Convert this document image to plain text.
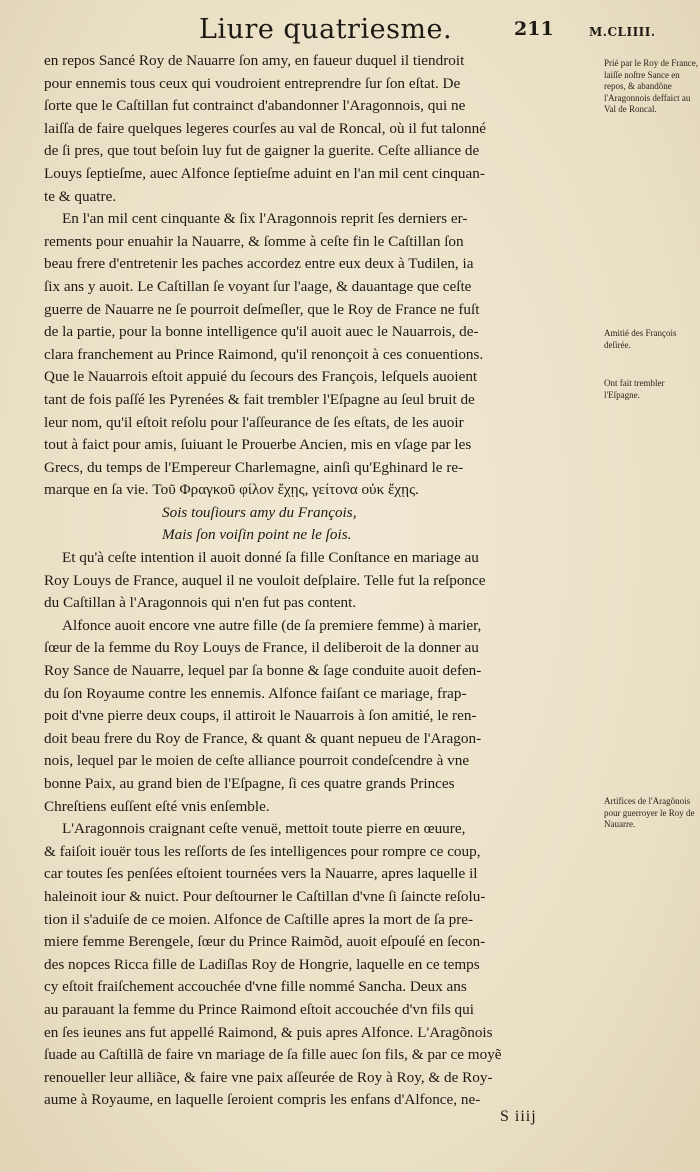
Liure quatriesme.	211	M.CLIIII.
en repos Sancé Roy de Nauarre ſon amy, en faueur duquel il tiendroit
pour ennemis tous ceux qui voudroient entreprendre ſur ſon eſtat. De
ſorte que le Caſtillan fut contrainct d'abandonner l'Aragonnois, qui ne
laiſſa de faire quelques legeres courſes au val de Roncal, où il fut talonné
de ſi pres, que tout beſoin luy fut de gaigner la guerite. Ceſte alliance de
Louys ſeptieſme, auec Alfonce ſeptieſme aduint en l'an mil cent cinquan-
te & quatre.
En l'an mil cent cinquante & ſix l'Aragonnois reprit ſes derniers er-
rements pour enuahir la Nauarre, & ſomme à ceſte fin le Caſtillan ſon
beau frere d'entretenir les paches accordez entre eux deux à Tudilen, ia
ſix ans y auoit. Le Caſtillan ſe voyant ſur l'aage, & dauantage que ceſte
guerre de Nauarre ne ſe pourroit deſmeſler, que le Roy de France ne fuſt
de la partie, pour la bonne intelligence qu'il auoit auec le Nauarrois, de-
clara franchement au Prince Raimond, qu'il renonçoit à ces conuentions.
Que le Nauarrois eſtoit appuié du ſecours des François, leſquels auoient
tant de fois paſſé les Pyrenées & fait trembler l'Eſpagne au ſeul bruit de
leur nom, qu'il eſtoit reſolu pour l'aſſeurance de ſes eſtats, de les auoir
tout à faict pour amis, ſuiuant le Prouerbe Ancien, mis en vſage par les
Grecs, du temps de l'Empereur Charlemagne, ainſi qu'Eghinard le re-
marque en ſa vie. Τοῦ Φραγκοῦ φίλον ἔχῃς, γείτονα οὐκ ἔχῃς.
Sois touſiours amy du François,
Mais ſon voiſin point ne le ſois.
Et qu'à ceſte intention il auoit donné ſa fille Conſtance en mariage au
Roy Louys de France, auquel il ne vouloit deſplaire. Telle fut la reſponce
du Caſtillan à l'Aragonnois qui n'en fut pas content.
Alfonce auoit encore vne autre fille (de ſa premiere femme) à marier,
ſœur de la femme du Roy Louys de France, il deliberoit de la donner au
Roy Sance de Nauarre, lequel par ſa bonne & ſage conduite auoit defen-
du ſon Royaume contre les ennemis. Alfonce faiſant ce mariage, frap-
poit d'vne pierre deux coups, il attiroit le Nauarrois à ſon amitié, le ren-
doit beau frere du Roy de France, & quant & quant nepueu de l'Aragon-
nois, lequel par le moien de ceſte alliance pourroit condeſcendre à vne
bonne Paix, au grand bien de l'Eſpagne, ſi ces quatre grands Princes
Chreſtiens euſſent eſté vnis enſemble.
L'Aragonnois craignant ceſte venuë, mettoit toute pierre en œuure,
& faiſoit iouër tous les reſſorts de ſes intelligences pour rompre ce coup,
car toutes ſes penſées eſtoient tournées vers la Nauarre, apres laquelle il
haleinoit iour & nuict. Pour deſtourner le Caſtillan d'vne ſi ſaincte reſolu-
tion il s'aduiſe de ce moien. Alfonce de Caſtille apres la mort de ſa pre-
miere femme Berengele, ſœur du Prince Raimõd, auoit eſpouſé en ſecon-
des nopces Ricca fille de Ladiſlas Roy de Hongrie, laquelle en ce temps
cy eſtoit fraiſchement accouchée d'vne fille nommé Sancha. Deux ans
au parauant la femme du Prince Raimond eſtoit accouchée d'vn fils qui
en ſes ieunes ans fut appellé Raimond, & puis apres Alfonce. L'Aragõnois
ſuade au Caſtillã de faire vn mariage de ſa fille auec ſon fils, & par ce moyẽ
renoueller leur alliãce, & faire vne paix aſſeurée de Roy à Roy, & de Roy-
aume à Royaume, en laquelle ſeroient compris les enfans d'Alfonce, ne-
Prié par le Roy de France, laiſſe noſtre Sance en repos, & abandõne l'Aragonnois deffaict au Val de Roncal.
Amitié des François deſirée.
Ont fait trembler l'Eſpagne.
Artifices de l'Aragõnois pour guerroyer le Roy de Nauarre.
S iiij
